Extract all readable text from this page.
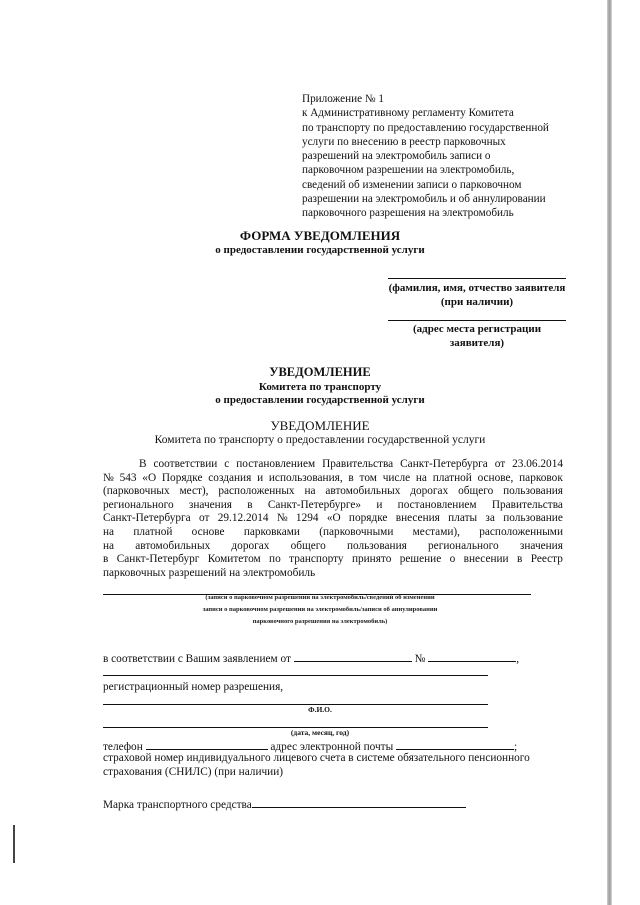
Приложение № 1
к Административному регламенту Комитета
по транспорту по предоставлению государственной
услуги по внесению в реестр парковочных
разрешений на электромобиль записи о
парковочном разрешении на электромобиль,
сведений об изменении записи о парковочном
разрешении на электромобиль и об аннулировании
парковочного разрешения на электромобиль
ФОРМА УВЕДОМЛЕНИЯ
о предоставлении государственной услуги
(фамилия, имя, отчество заявителя
(при наличии)
(адрес места регистрации
заявителя)
УВЕДОМЛЕНИЕ
Комитета по транспорту
о предоставлении государственной услуги
УВЕДОМЛЕНИЕ
Комитета по транспорту о предоставлении государственной услуги
В соответствии с постановлением Правительства Санкт-Петербурга от 23.06.2014
№ 543 «О Порядке создания и использования, в том числе на платной основе, парковок
(парковочных мест), расположенных на автомобильных дорогах общего пользования
регионального значения в Санкт-Петербурге» и постановлением Правительства
Санкт-Петербурга от 29.12.2014 № 1294 «О порядке внесения платы за пользование
на платной основе парковками (парковочными местами), расположенными
на автомобильных дорогах общего пользования регионального значения
в Санкт-Петербург Комитетом по транспорту принято решение о внесении в Реестр
парковочных разрешений на электромобиль
(записи о парковочном разрешении на электромобиль/сведений об изменении
записи о парковочном разрешении на электромобиль/записи об аннулировании
парковочного разрешения на электромобиль)
в соответствии с Вашим заявлением от	№	,
регистрационный номер разрешения,
Ф.И.О.
(дата, месяц, год)
телефон	адрес электронной почты	;
страховой номер индивидуального лицевого счета в системе обязательного пенсионного
страхования (СНИЛС) (при наличии)
Марка транспортного средства
